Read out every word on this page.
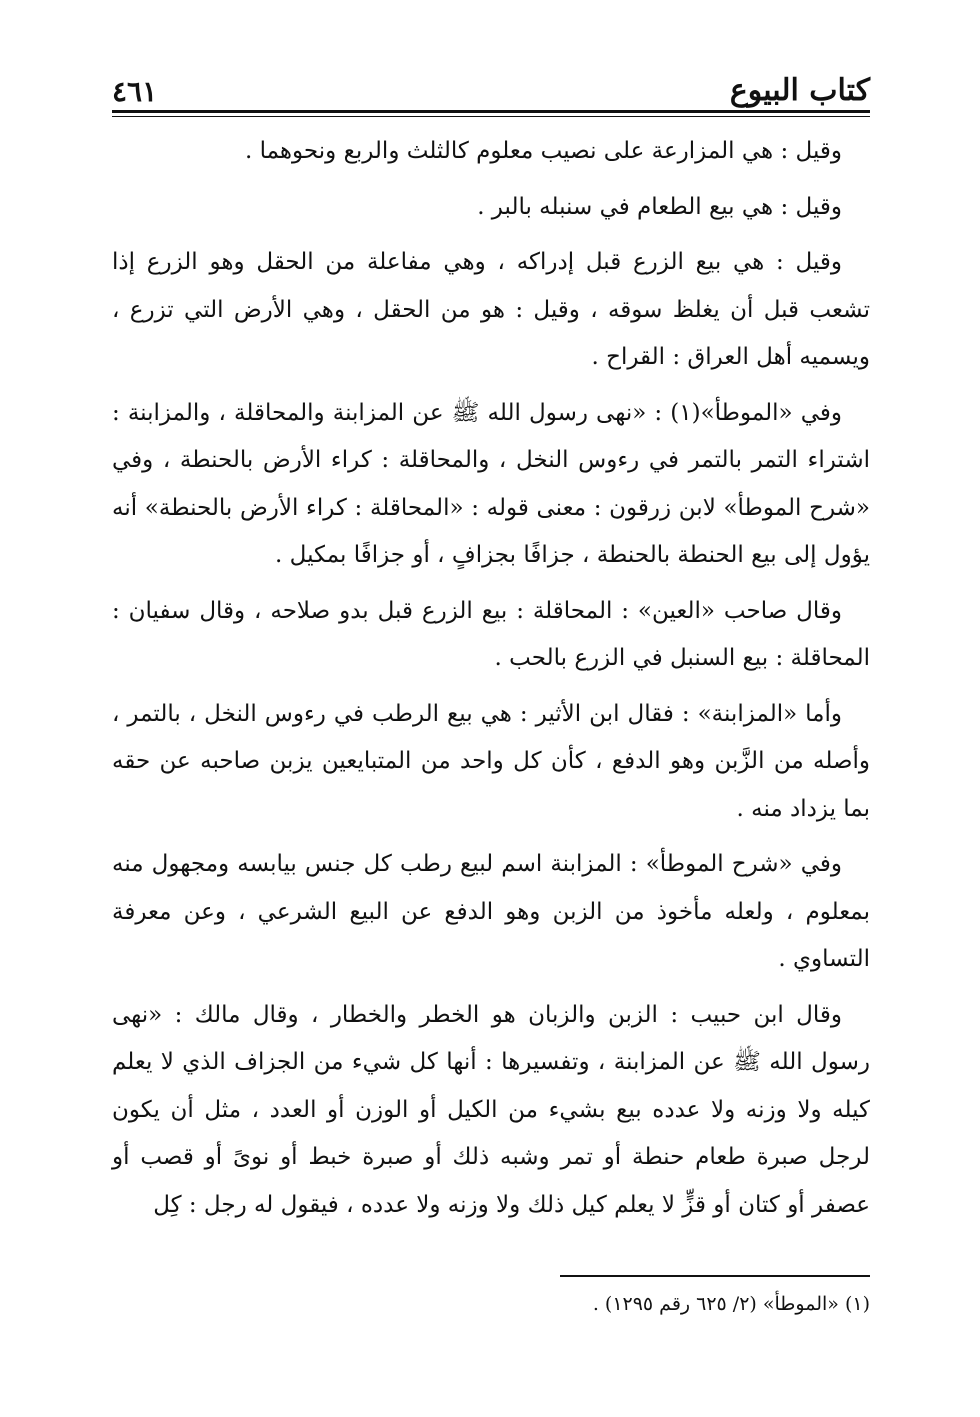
كتاب البيوع
٤٦١

وقيل : هي المزارعة على نصيب معلوم كالثلث والربع ونحوهما .

وقيل : هي بيع الطعام في سنبله بالبر .

وقيل : هي بيع الزرع قبل إدراكه ، وهي مفاعلة من الحقل وهو الزرع إذا تشعب قبل أن يغلظ سوقه ، وقيل : هو من الحقل ، وهي الأرض التي تزرع ، ويسميه أهل العراق : القراح .

وفي «الموطأ»(١) : «نهى رسول الله ﷺ عن المزابنة والمحاقلة ، والمزابنة : اشتراء التمر بالتمر في رءوس النخل ، والمحاقلة : كراء الأرض بالحنطة ، وفي «شرح الموطأ» لابن زرقون : معنى قوله : «المحاقلة : كراء الأرض بالحنطة» أنه يؤول إلى بيع الحنطة بالحنطة ، جزافًا بجزافٍ ، أو جزافًا بمكيل .

وقال صاحب «العين» : المحاقلة : بيع الزرع قبل بدو صلاحه ، وقال سفيان : المحاقلة : بيع السنبل في الزرع بالحب .

وأما «المزابنة» : فقال ابن الأثير : هي بيع الرطب في رءوس النخل ، بالتمر ، وأصله من الزَّبن وهو الدفع ، كأن كل واحد من المتبايعين يزبن صاحبه عن حقه بما يزداد منه .

وفي «شرح الموطأ» : المزابنة اسم لبيع رطب كل جنس بيابسه ومجهول منه بمعلوم ، ولعله مأخوذ من الزبن وهو الدفع عن البيع الشرعي ، وعن معرفة التساوي .

وقال ابن حبيب : الزبن والزبان هو الخطر والخطار ، وقال مالك : «نهى رسول الله ﷺ عن المزابنة ، وتفسيرها : أنها كل شيء من الجزاف الذي لا يعلم كيله ولا وزنه ولا عدده بيع بشيء من الكيل أو الوزن أو العدد ، مثل أن يكون لرجل صبرة طعام حنطة أو تمر وشبه ذلك أو صبرة خبط أو نوىً أو قصب أو عصفر أو كتان أو قزٍّ لا يعلم كيل ذلك ولا وزنه ولا عدده ، فيقول له رجل : كِل

(١) «الموطأ» (٢/ ٦٢٥ رقم ١٢٩٥) .
